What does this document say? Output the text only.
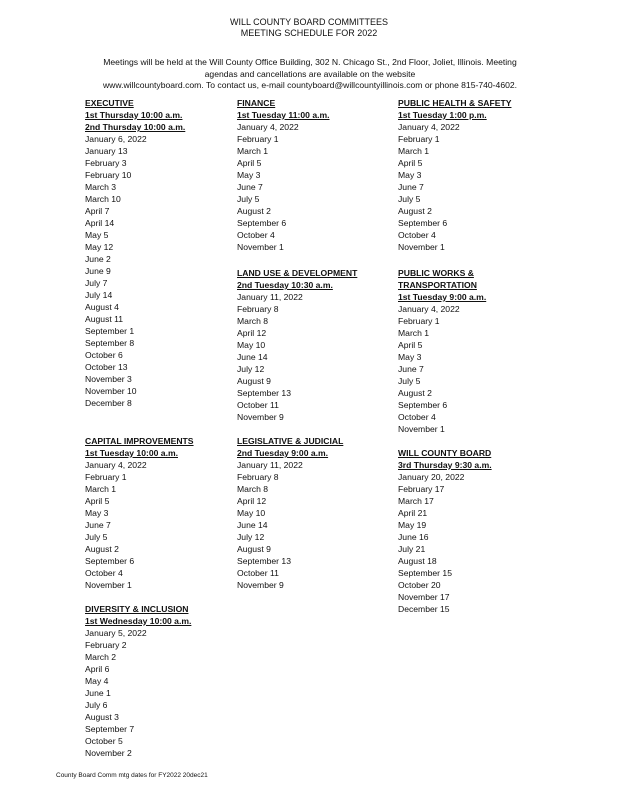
WILL COUNTY BOARD COMMITTEES
MEETING SCHEDULE FOR 2022
Meetings will be held at the Will County Office Building, 302 N. Chicago St., 2nd Floor, Joliet, Illinois. Meeting
agendas and cancellations are available on the website
www.willcountyboard.com. To contact us, e-mail countyboard@willcountyillinois.com or phone 815-740-4602.
EXECUTIVE
1st Thursday 10:00 a.m.
2nd Thursday 10:00 a.m.
January 6, 2022
January 13
February 3
February 10
March 3
March 10
April 7
April 14
May 5
May 12
June 2
June 9
July 7
July 14
August 4
August 11
September 1
September 8
October 6
October 13
November 3
November 10
December 8
FINANCE
1st Tuesday 11:00 a.m.
January 4, 2022
February 1
March 1
April 5
May 3
June 7
July 5
August 2
September 6
October 4
November 1
PUBLIC HEALTH & SAFETY
1st Tuesday 1:00 p.m.
January 4, 2022
February 1
March 1
April 5
May 3
June 7
July 5
August 2
September 6
October 4
November 1
LAND USE & DEVELOPMENT
2nd Tuesday 10:30 a.m.
January 11, 2022
February 8
March 8
April 12
May 10
June 14
July 12
August 9
September 13
October 11
November 9
PUBLIC WORKS &
TRANSPORTATION
1st Tuesday 9:00 a.m.
January 4, 2022
February 1
March 1
April 5
May 3
June 7
July 5
August 2
September 6
October 4
November 1
CAPITAL IMPROVEMENTS
1st Tuesday 10:00 a.m.
January 4, 2022
February 1
March 1
April 5
May 3
June 7
July 5
August 2
September 6
October 4
November 1
LEGISLATIVE & JUDICIAL
2nd Tuesday 9:00 a.m.
January 11, 2022
February 8
March 8
April 12
May 10
June 14
July 12
August 9
September 13
October 11
November 9
WILL COUNTY BOARD
3rd Thursday 9:30 a.m.
January 20, 2022
February 17
March 17
April 21
May 19
June 16
July 21
August 18
September 15
October 20
November 17
December 15
DIVERSITY & INCLUSION
1st Wednesday 10:00 a.m.
January 5, 2022
February 2
March 2
April 6
May 4
June 1
July 6
August 3
September 7
October 5
November 2
County Board Comm mtg dates for FY2022 20dec21
